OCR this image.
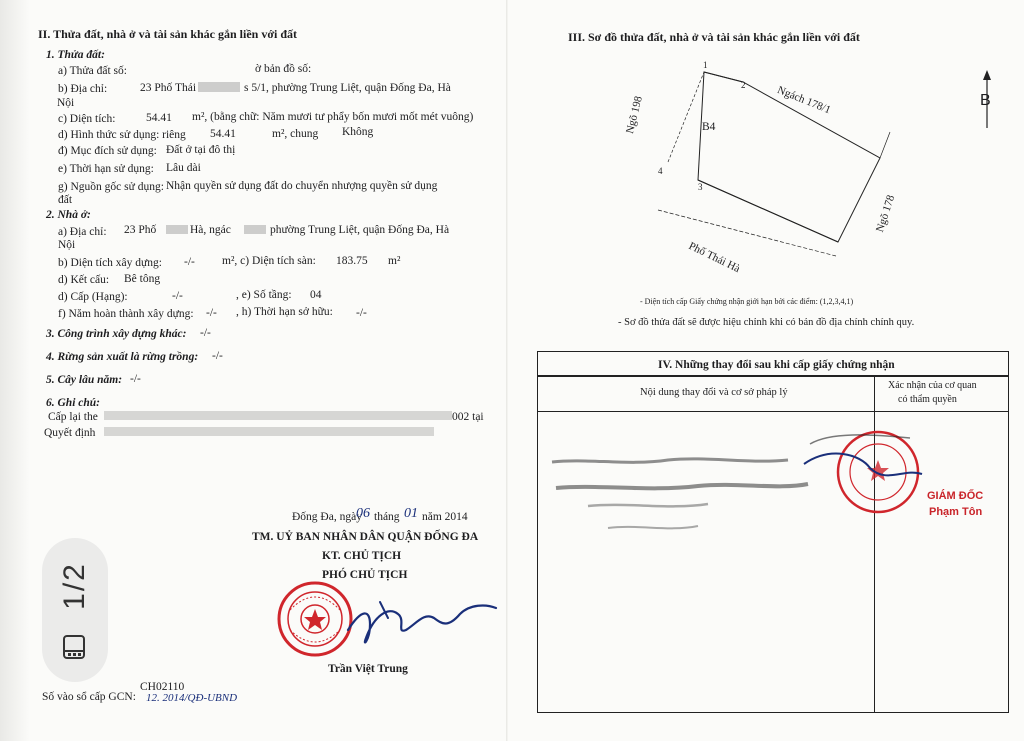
II. Thửa đất, nhà ở và tài sản khác gắn liền với đất
1. Thửa đất:
a) Thửa đất số:	ờ bản đồ số:
b) Địa chỉ:	23 Phố Thái	s 5/1, phường Trung Liệt, quận Đống Đa, Hà
Nội
c) Diện tích:	54.41 m², (bằng chữ: Năm mươi tư phẩy bốn mươi mốt mét vuông)
d) Hình thức sử dụng: riêng 54.41	m², chung Không
đ) Mục đích sử dụng: Đất ở tại đô thị
e) Thời hạn sử dụng: Lâu dài
g) Nguồn gốc sử dụng: Nhận quyền sử dụng đất do chuyển nhượng quyền sử dụng
đất
2. Nhà ở:
a) Địa chỉ: 23 Phố	Hà, ngác	phường Trung Liệt, quận Đống Đa, Hà
Nội
b) Diện tích xây dựng: -/- m², c) Diện tích sàn: 183.75 m²
d) Kết cấu: Bê tông
d) Cấp (Hạng):	-/-	, e) Số tầng: 04
f) Năm hoàn thành xây dựng: -/- , h) Thời hạn sở hữu: -/-
3. Công trình xây dựng khác: -/-
4. Rừng sản xuất là rừng trồng: -/-
5. Cây lâu năm: -/-
6. Ghi chú:
Cấp lại the	002 tại
Quyết định
Đống Đa, ngày
06 tháng 01 năm 2014
TM. UỶ BAN NHÂN DÂN QUẬN ĐỐNG ĐA
KT. CHỦ TỊCH
PHÓ CHỦ TỊCH
Trần Việt Trung
CH02110
Số vào sổ cấp GCN: 12. 2014/QĐ-UBND
1/2
III. Sơ đồ thửa đất, nhà ở và tài sản khác gắn liền với đất
B
1
2
3
4
B4
Ngách 178/1
Ngõ 198
Ngõ 178
Phố Thái Hà
- Diện tích cấp Giấy chứng nhận giới hạn bởi các điểm: (1,2,3,4,1)
- Sơ đồ thửa đất sẽ được hiệu chỉnh khi có bản đồ địa chính chính quy.
IV. Những thay đổi sau khi cấp giấy chứng nhận
Nội dung thay đổi và cơ sở pháp lý
Xác nhận của cơ quan
có thẩm quyền
GIÁM ĐỐC
Phạm Tôn
